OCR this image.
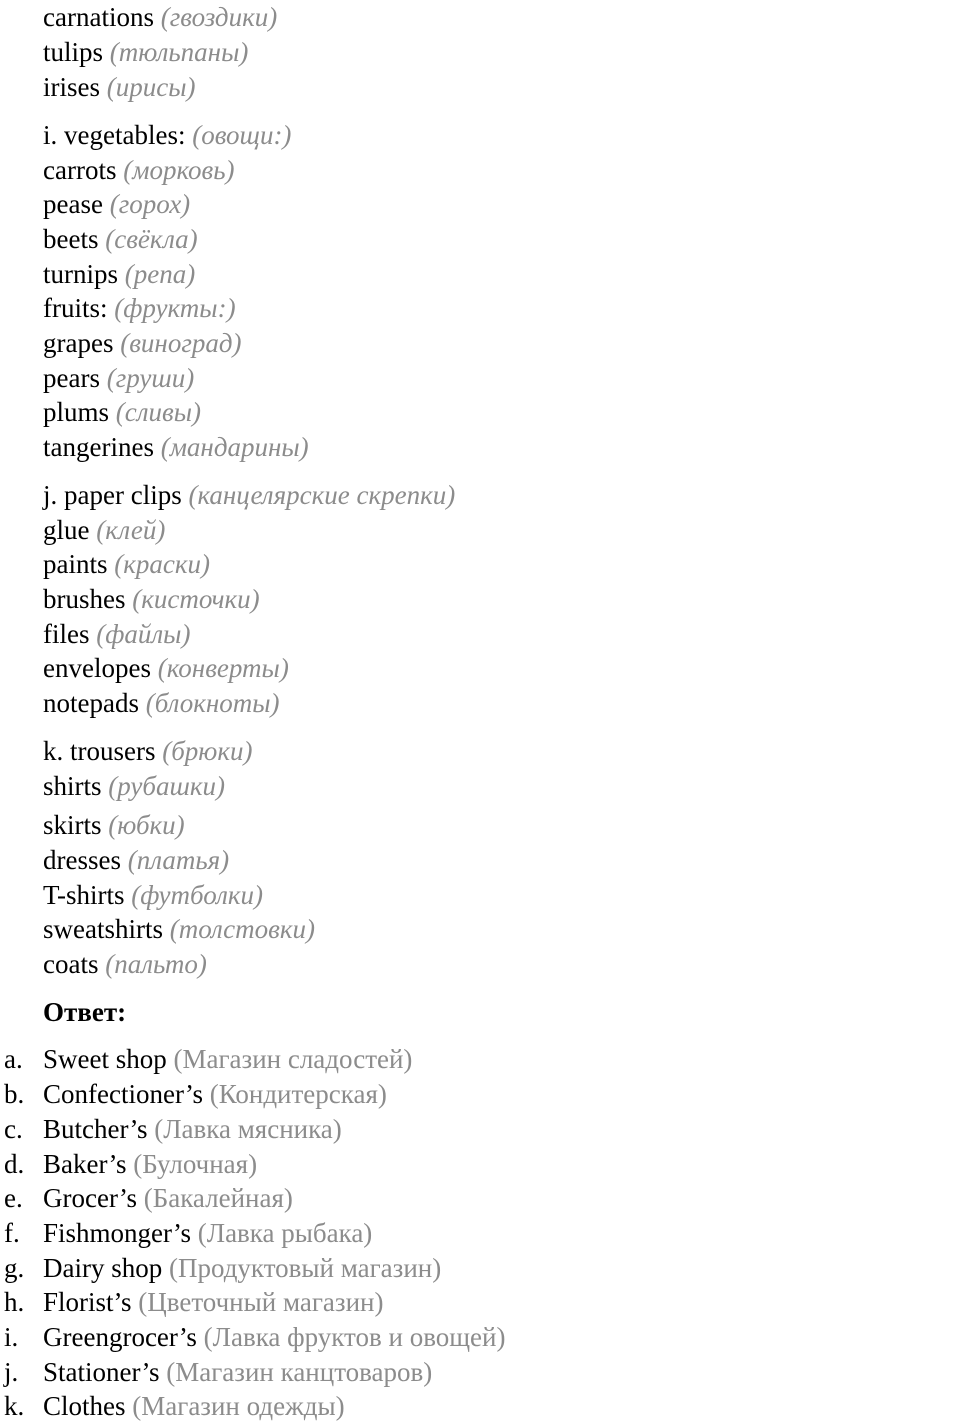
carnations (гвоздики)
tulips (тюльпаны)
irises (ирисы)
i. vegetables: (овощи:)
carrots (морковь)
pease (горох)
beets (свёкла)
turnips (репа)
fruits: (фрукты:)
grapes (виноград)
pears (груши)
plums (сливы)
tangerines (мандарины)
j. paper clips (канцелярские скрепки)
glue (клей)
paints (краски)
brushes (кисточки)
files (файлы)
envelopes (конверты)
notepads (блокноты)
k. trousers (брюки)
shirts (рубашки)
skirts (юбки)
dresses (платья)
T-shirts (футболки)
sweatshirts (толстовки)
coats (пальто)
Ответ:
a. Sweet shop (Магазин сладостей)
b. Confectioner’s (Кондитерская)
c. Butcher’s (Лавка мясника)
d. Baker’s (Булочная)
e. Grocer’s (Бакалейная)
f. Fishmonger’s (Лавка рыбака)
g. Dairy shop (Продуктовый магазин)
h. Florist’s (Цветочный магазин)
i. Greengrocer’s (Лавка фруктов и овощей)
j. Stationer’s (Магазин канцтоваров)
k. Clothes (Магазин одежды)
